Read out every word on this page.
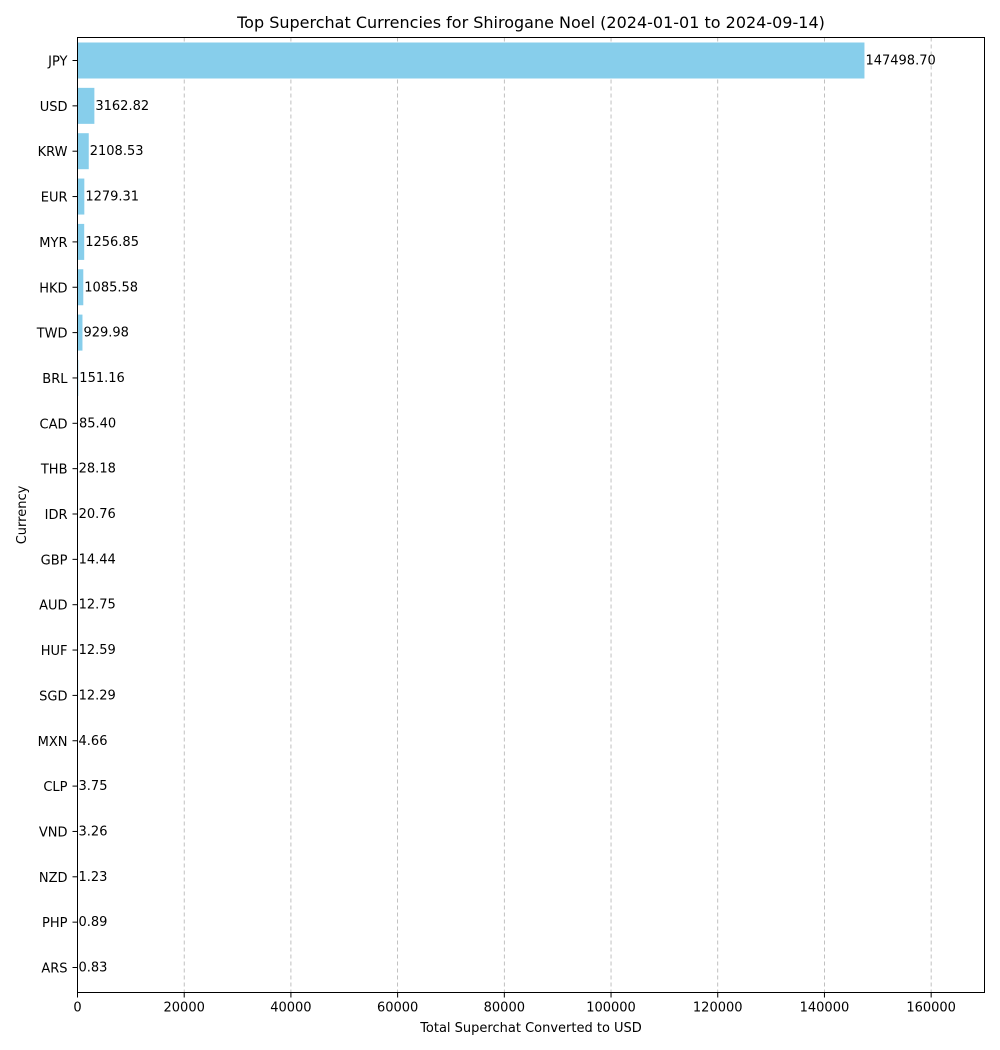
Top Superchat Currencies for Shirogane Noel (2024-01-01 to 2024-09-14)
147498.70
3162.82
2108.53
1279.31
1256.85
1085.58
929.98
151.16
85.40
28.18
20.76
14.44
12.75
12.59
12.29
4.66
3.75
3.26
1.23
0.89
0.83
JPY
USD
KRW
EUR
MYR
HKD
TWD
BRL
CAD
THB
IDR
GBP
AUD
HUF
SGD
MXN
CLP
VND
NZD
PHP
ARS
0	20000	40000	60000	80000	100000	120000	140000	160000
Total Superchat Converted to USD
Currency
